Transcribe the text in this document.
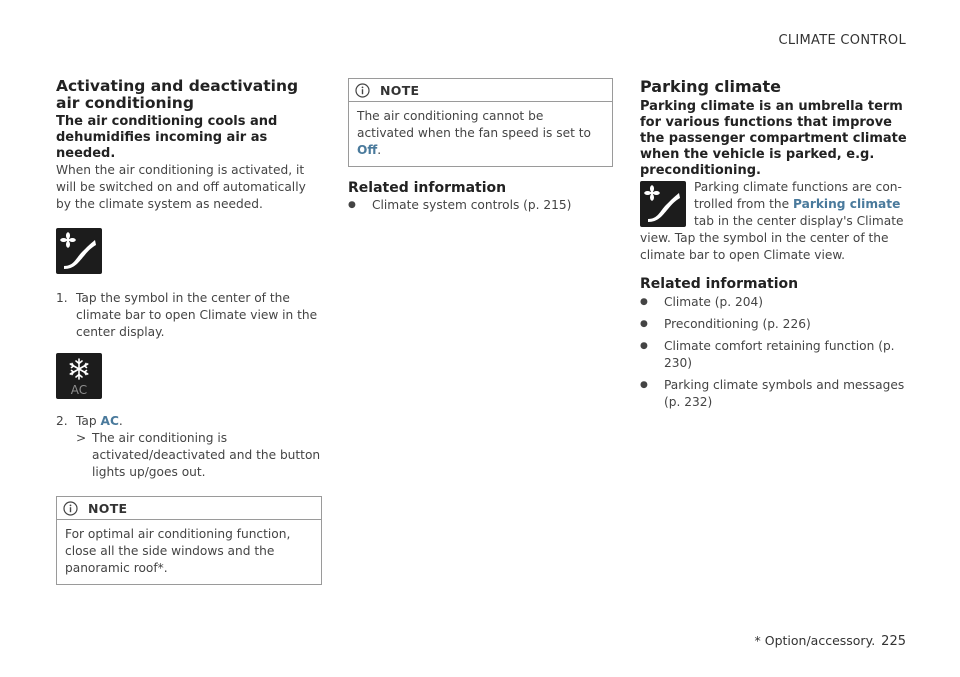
CLIMATE CONTROL
Activating and deactivating air conditioning

The air conditioning cools and dehumidifies incoming air as needed.

When the air conditioning is activated, it will be switched on and off automatically by the climate system as needed.

1. Tap the symbol in the center of the climate bar to open Climate view in the center display.
AC
2. Tap AC.
> The air conditioning is activated/deactivated and the button lights up/goes out.
NOTE
For optimal air conditioning function, close all the side windows and the panoramic roof*.
NOTE
The air conditioning cannot be activated when the fan speed is set to Off.
Related information
●	Climate system controls (p. 215)
Parking climate

Parking climate is an umbrella term for various functions that improve the passenger compartment climate when the vehicle is parked, e.g. preconditioning.

Parking climate functions are controlled from the Parking climate tab in the center display's Climate view. Tap the symbol in the center of the climate bar to open Climate view.

Related information
●	Climate (p. 204)
●	Preconditioning (p. 226)
●	Climate comfort retaining function (p. 230)
●	Parking climate symbols and messages (p. 232)
* Option/accessory. 225
